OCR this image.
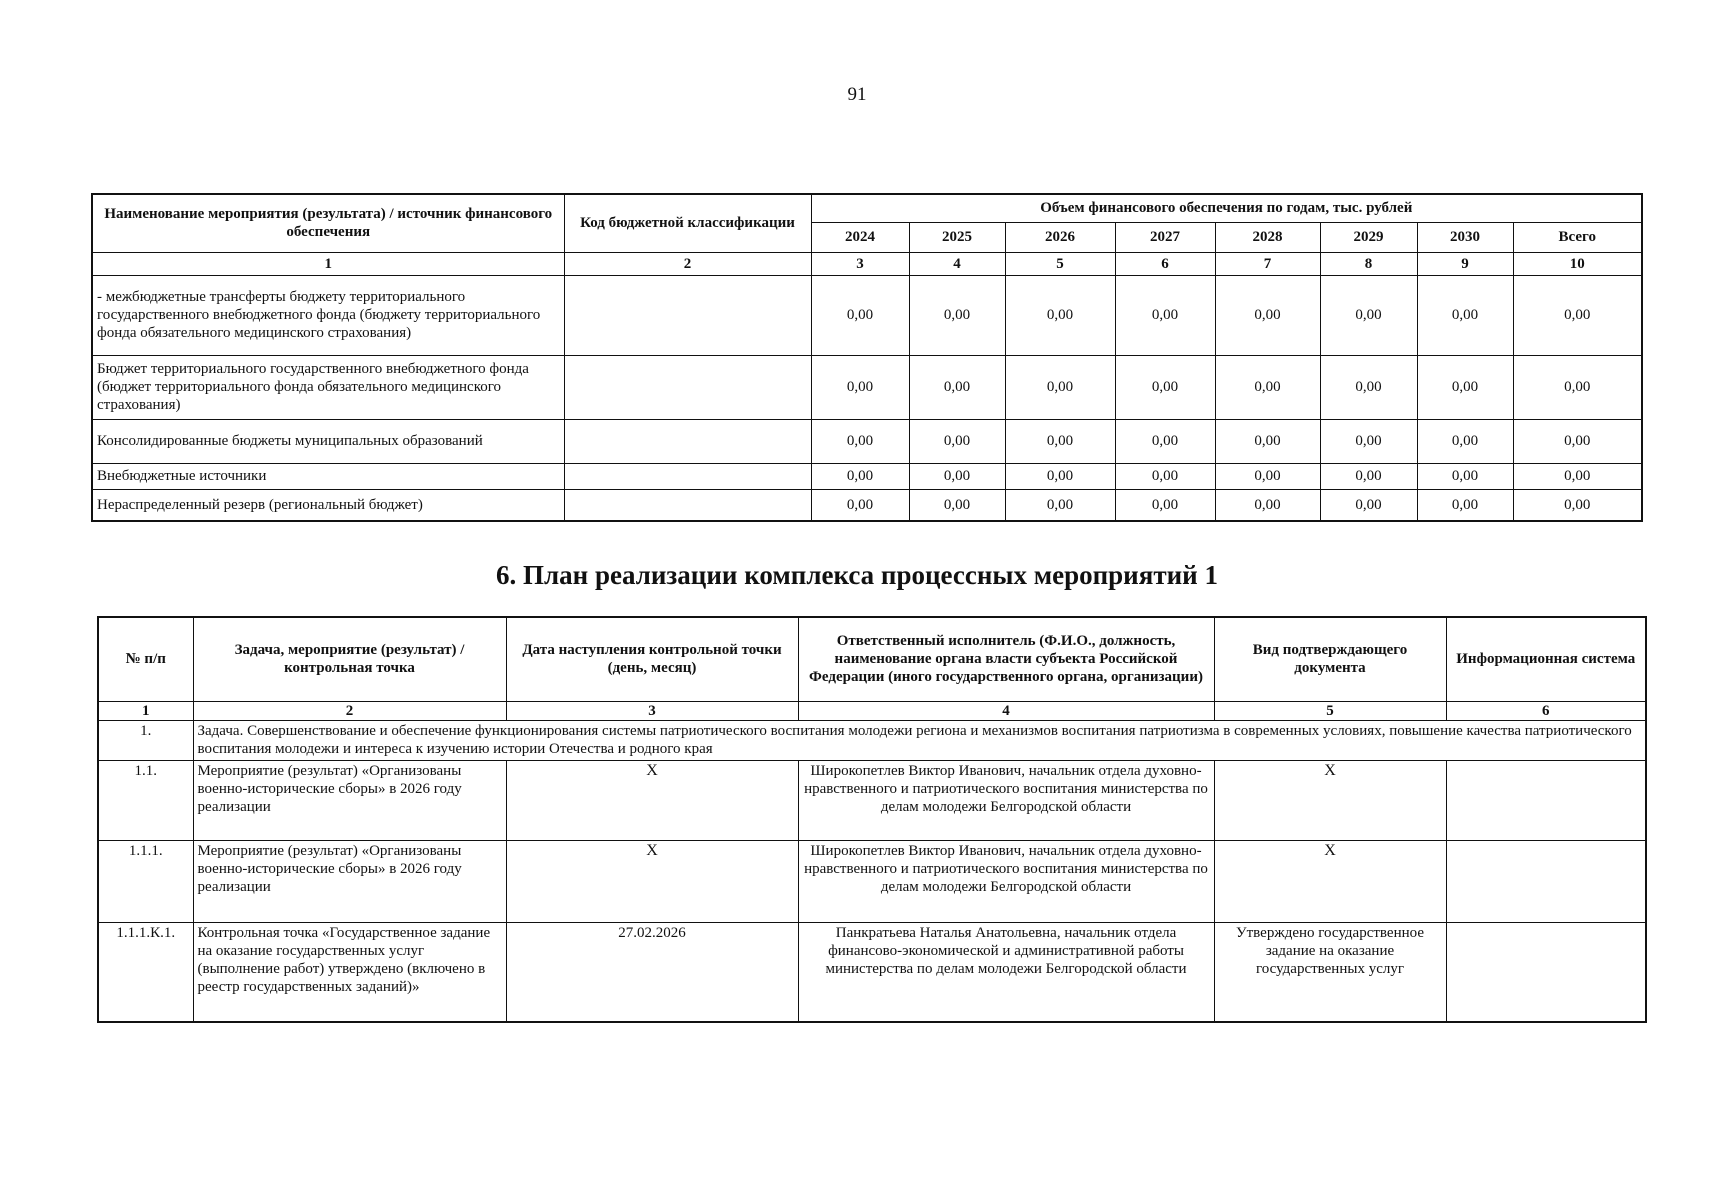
91
Наименование мероприятия (результата) / источник финансового обеспечения	Код бюджетной классификации	Объем финансового обеспечения по годам, тыс. рублей							
		2024	2025	2026	2027	2028	2029	2030	Всего
1	2	3	4	5	6	7	8	9	10
- межбюджетные трансферты бюджету территориального государственного внебюджетного фонда (бюджету территориального фонда обязательного медицинского страхования)		0,00	0,00	0,00	0,00	0,00	0,00	0,00	0,00
Бюджет территориального государственного внебюджетного фонда (бюджет территориального фонда обязательного медицинского страхования)		0,00	0,00	0,00	0,00	0,00	0,00	0,00	0,00
Консолидированные бюджеты муниципальных образований		0,00	0,00	0,00	0,00	0,00	0,00	0,00	0,00
Внебюджетные источники		0,00	0,00	0,00	0,00	0,00	0,00	0,00	0,00
Нераспределенный резерв (региональный бюджет)		0,00	0,00	0,00	0,00	0,00	0,00	0,00	0,00
6. План реализации комплекса процессных мероприятий 1
№ п/п	Задача, мероприятие (результат) / контрольная точка	Дата наступления контрольной точки (день, месяц)	Ответственный исполнитель (Ф.И.О., должность, наименование органа власти субъекта Российской Федерации (иного государственного органа, организации)	Вид подтверждающего документа	Информационная система
1	2	3	4	5	6
1.	Задача. Совершенствование и обеспечение функционирования системы патриотического воспитания молодежи региона и механизмов воспитания патриотизма в современных условиях, повышение качества патриотического воспитания молодежи и интереса к изучению истории Отечества и родного края				
1.1.	Мероприятие (результат) «Организованы военно-исторические сборы» в 2026 году реализации	X	Широкопетлев Виктор Иванович, начальник отдела духовно-нравственного и патриотического воспитания министерства по делам молодежи Белгородской области	X	
1.1.1.	Мероприятие (результат) «Организованы военно-исторические сборы» в 2026 году реализации	X	Широкопетлев Виктор Иванович, начальник отдела духовно-нравственного и патриотического воспитания министерства по делам молодежи Белгородской области	X	
1.1.1.К.1.	Контрольная точка «Государственное задание на оказание государственных услуг (выполнение работ) утверждено (включено в реестр государственных заданий)»	27.02.2026	Панкратьева Наталья Анатольевна, начальник отдела финансово-экономической и административной работы министерства по делам молодежи Белгородской области	Утверждено государственное задание на оказание государственных услуг	
